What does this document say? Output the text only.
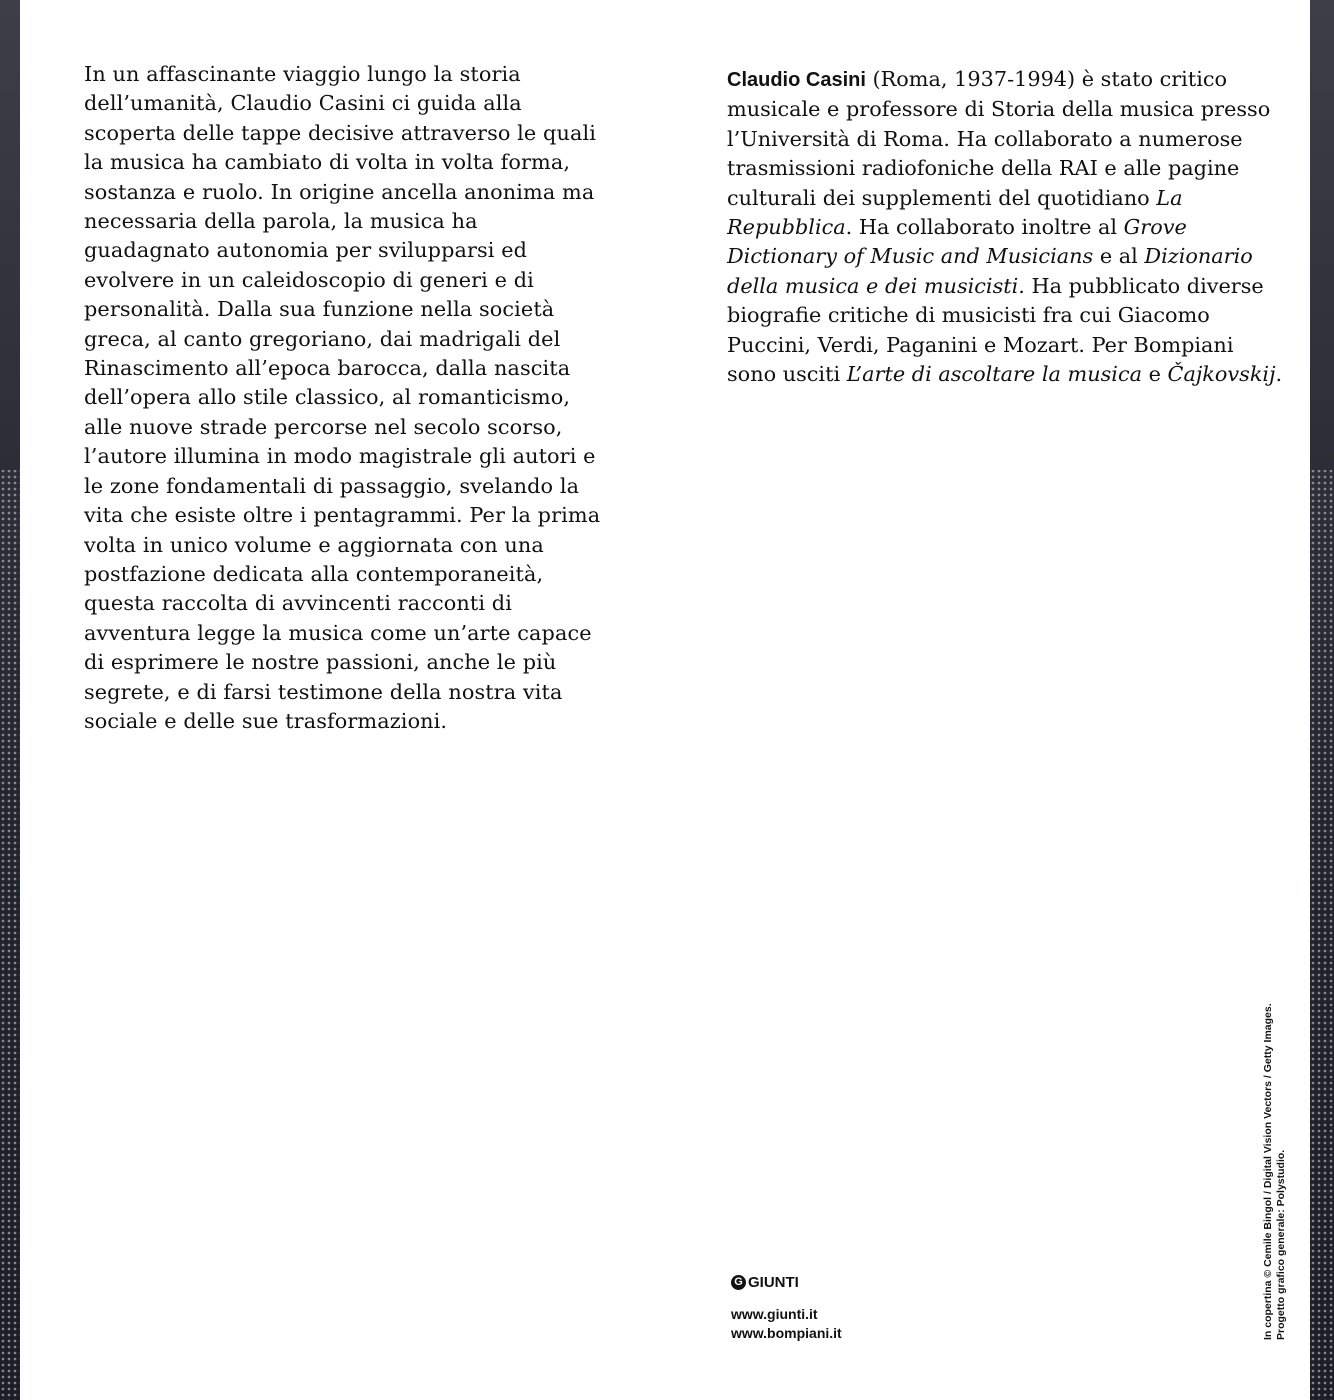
In un affascinante viaggio lungo la storia dell’umanità, Claudio Casini ci guida alla scoperta delle tappe decisive attraverso le quali la musica ha cambiato di volta in volta forma, sostanza e ruolo. In origine ancella anonima ma necessaria della parola, la musica ha guadagnato autonomia per svilupparsi ed evolvere in un caleidoscopio di generi e di personalità. Dalla sua funzione nella società greca, al canto gregoriano, dai madrigali del Rinascimento all’epoca barocca, dalla nascita dell’opera allo stile classico, al romanticismo, alle nuove strade percorse nel secolo scorso, l’autore illumina in modo magistrale gli autori e le zone fondamentali di passaggio, svelando la vita che esiste oltre i pentagrammi. Per la prima volta in unico volume e aggiornata con una postfazione dedicata alla contemporaneità, questa raccolta di avvincenti racconti di avventura legge la musica come un’arte capace di esprimere le nostre passioni, anche le più segrete, e di farsi testimone della nostra vita sociale e delle sue trasformazioni.

Claudio Casini (Roma, 1937-1994) è stato critico musicale e professore di Storia della musica presso l’Università di Roma. Ha collaborato a numerose trasmissioni radiofoniche della RAI e alle pagine culturali dei supplementi del quotidiano La Repubblica. Ha collaborato inoltre al Grove Dictionary of Music and Musicians e al Dizionario della musica e dei musicisti. Ha pubblicato diverse biografie critiche di musicisti fra cui Giacomo Puccini, Verdi, Paganini e Mozart. Per Bompiani sono usciti L’arte di ascoltare la musica e Čajkovskij.

G GIUNTI
www.giunti.it
www.bompiani.it	In copertina © Cemile Bingol / Digital Vision Vectors / Getty Images. Progetto grafico generale: Polystudio.
